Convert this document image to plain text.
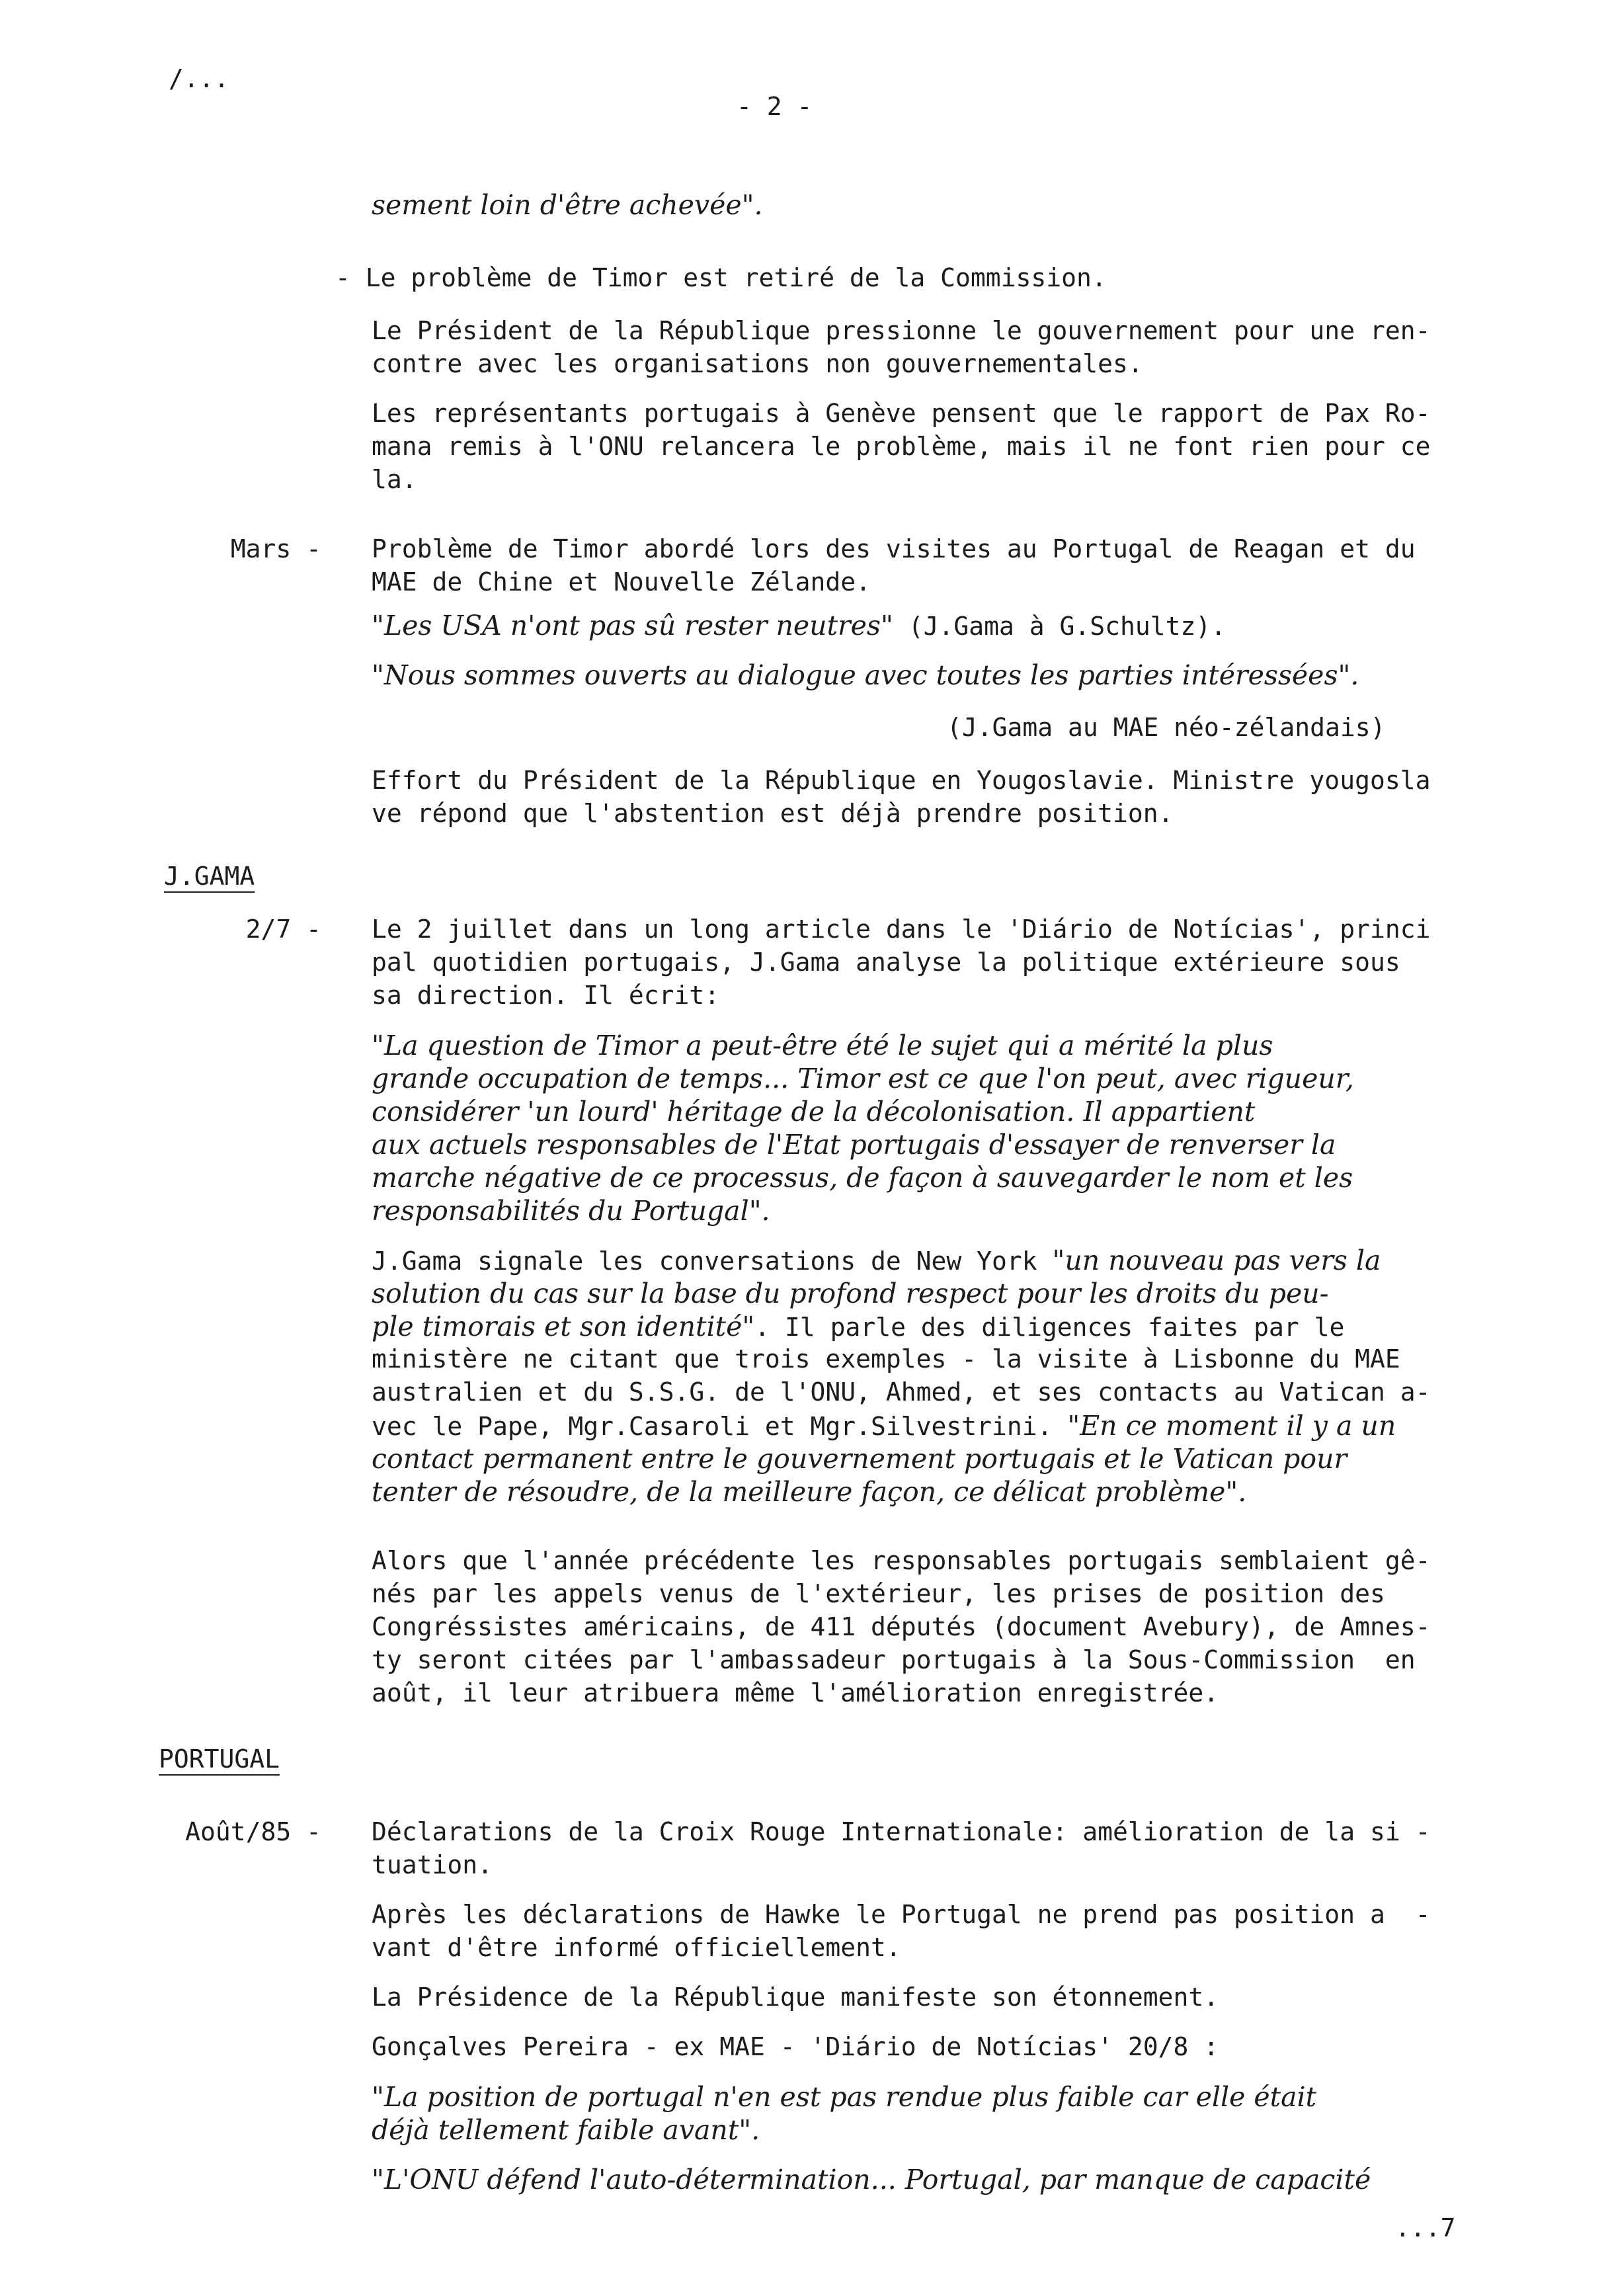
/...
- 2 -
sement loin d'être achevée".
- Le problème de Timor est retiré de la Commission.
Le Président de la République pressionne le gouvernement pour une ren-
contre avec les organisations non gouvernementales.
Les représentants portugais à Genève pensent que le rapport de Pax Ro-
mana remis à l'ONU relancera le problème, mais il ne font rien pour ce
la.
Mars - Problème de Timor abordé lors des visites au Portugal de Reagan et du
MAE de Chine et Nouvelle Zélande.
"Les USA n'ont pas sû rester neutres" (J.Gama à G.Schultz).
"Nous sommes ouverts au dialogue avec toutes les parties intéressées".
(J.Gama au MAE néo-zélandais)
Effort du Président de la République en Yougoslavie. Ministre yougosla
ve répond que l'abstention est déjà prendre position.
J.GAMA
2/7 - Le 2 juillet dans un long article dans le 'Diário de Notícias', princi
pal quotidien portugais, J.Gama analyse la politique extérieure sous
sa direction. Il écrit:
"La question de Timor a peut-être été le sujet qui a mérité la plus
grande occupation de temps... Timor est ce que l'on peut, avec rigueur,
considérer 'un lourd' héritage de la décolonisation. Il appartient
aux actuels responsables de l'Etat portugais d'essayer de renverser la
marche négative de ce processus, de façon à sauvegarder le nom et les
responsabilités du Portugal".
J.Gama signale les conversations de New York "un nouveau pas vers la
solution du cas sur la base du profond respect pour les droits du peu-
ple timorais et son identité". Il parle des diligences faites par le
ministère ne citant que trois exemples - la visite à Lisbonne du MAE
australien et du S.S.G. de l'ONU, Ahmed, et ses contacts au Vatican a-
vec le Pape, Mgr.Casaroli et Mgr.Silvestrini. "En ce moment il y a un
contact permanent entre le gouvernement portugais et le Vatican pour
tenter de résoudre, de la meilleure façon, ce délicat problème".
Alors que l'année précédente les responsables portugais semblaient gê-
nés par les appels venus de l'extérieur, les prises de position des
Congréssistes américains, de 411 députés (document Avebury), de Amnes-
ty seront citées par l'ambassadeur portugais à la Sous-Commission  en
août, il leur atribuera même l'amélioration enregistrée.
PORTUGAL
Août/85 - Déclarations de la Croix Rouge Internationale: amélioration de la si -
tuation.
Après les déclarations de Hawke le Portugal ne prend pas position a  -
vant d'être informé officiellement.
La Présidence de la République manifeste son étonnement.
Gonçalves Pereira - ex MAE - 'Diário de Notícias' 20/8 :
"La position de portugal n'en est pas rendue plus faible car elle était
déjà tellement faible avant".
"L'ONU défend l'auto-détermination... Portugal, par manque de capacité
...7
